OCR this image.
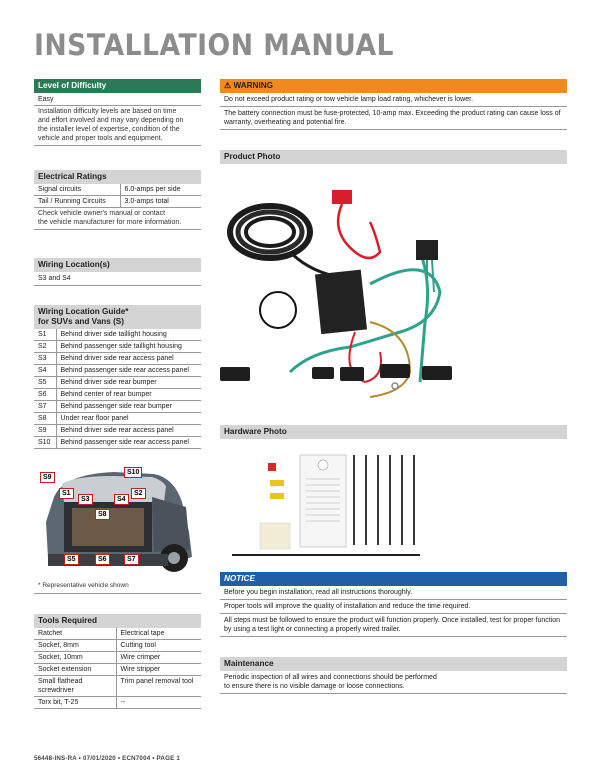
INSTALLATION MANUAL
Level of Difficulty
Easy
Installation difficulty levels are based on time
and effort involved and may vary depending on
the installer level of expertise, condition of the
vehicle and proper tools and equipment.
Electrical Ratings
Signal circuits	6.0-amps per side
Tail / Running Circuits	3.0-amps total
Check vehicle owner's manual or contact
the vehicle manufacturer for more information.
Wiring Location(s)
S3 and S4
Wiring Location Guide*
for SUVs and Vans (S)
S1	Behind driver side taillight housing
S2	Behind passenger side taillight housing
S3	Behind driver side rear access panel
S4	Behind passenger side rear access panel
S5	Behind driver side rear bumper
S6	Behind center of rear bumper
S7	Behind passenger side rear bumper
S8	Under rear floor panel
S9	Behind driver side rear access panel
S10	Behind passenger side rear access panel
S9
S10
S1
S3	S4
S2
S8
S5	S6	S7
* Representative vehicle shown
Tools Required
Ratchet	Electrical tape
Socket, 8mm	Cutting tool
Socket, 10mm	Wire crimper
Socket extension	Wire stripper
Small flathead screwdriver	Trim panel removal tool
Torx bit, T-25	--
⚠ WARNING
Do not exceed product rating or tow vehicle lamp load rating, whichever is lower.
The battery connection must be fuse-protected, 10-amp max. Exceeding the product rating can cause loss of warranty, overheating and potential fire.
Product Photo
Hardware Photo
NOTICE
Before you begin installation, read all instructions thoroughly.
Proper tools will improve the quality of installation and reduce the time required.
All steps must be followed to ensure the product will function properly. Once installed, test for proper function by using a test light or connecting a properly wired trailer.
Maintenance
Periodic inspection of all wires and connections should be performed
to ensure there is no visible damage or loose connections.
56448-INS-RA • 07/01/2020 • ECN7004 • PAGE 1
